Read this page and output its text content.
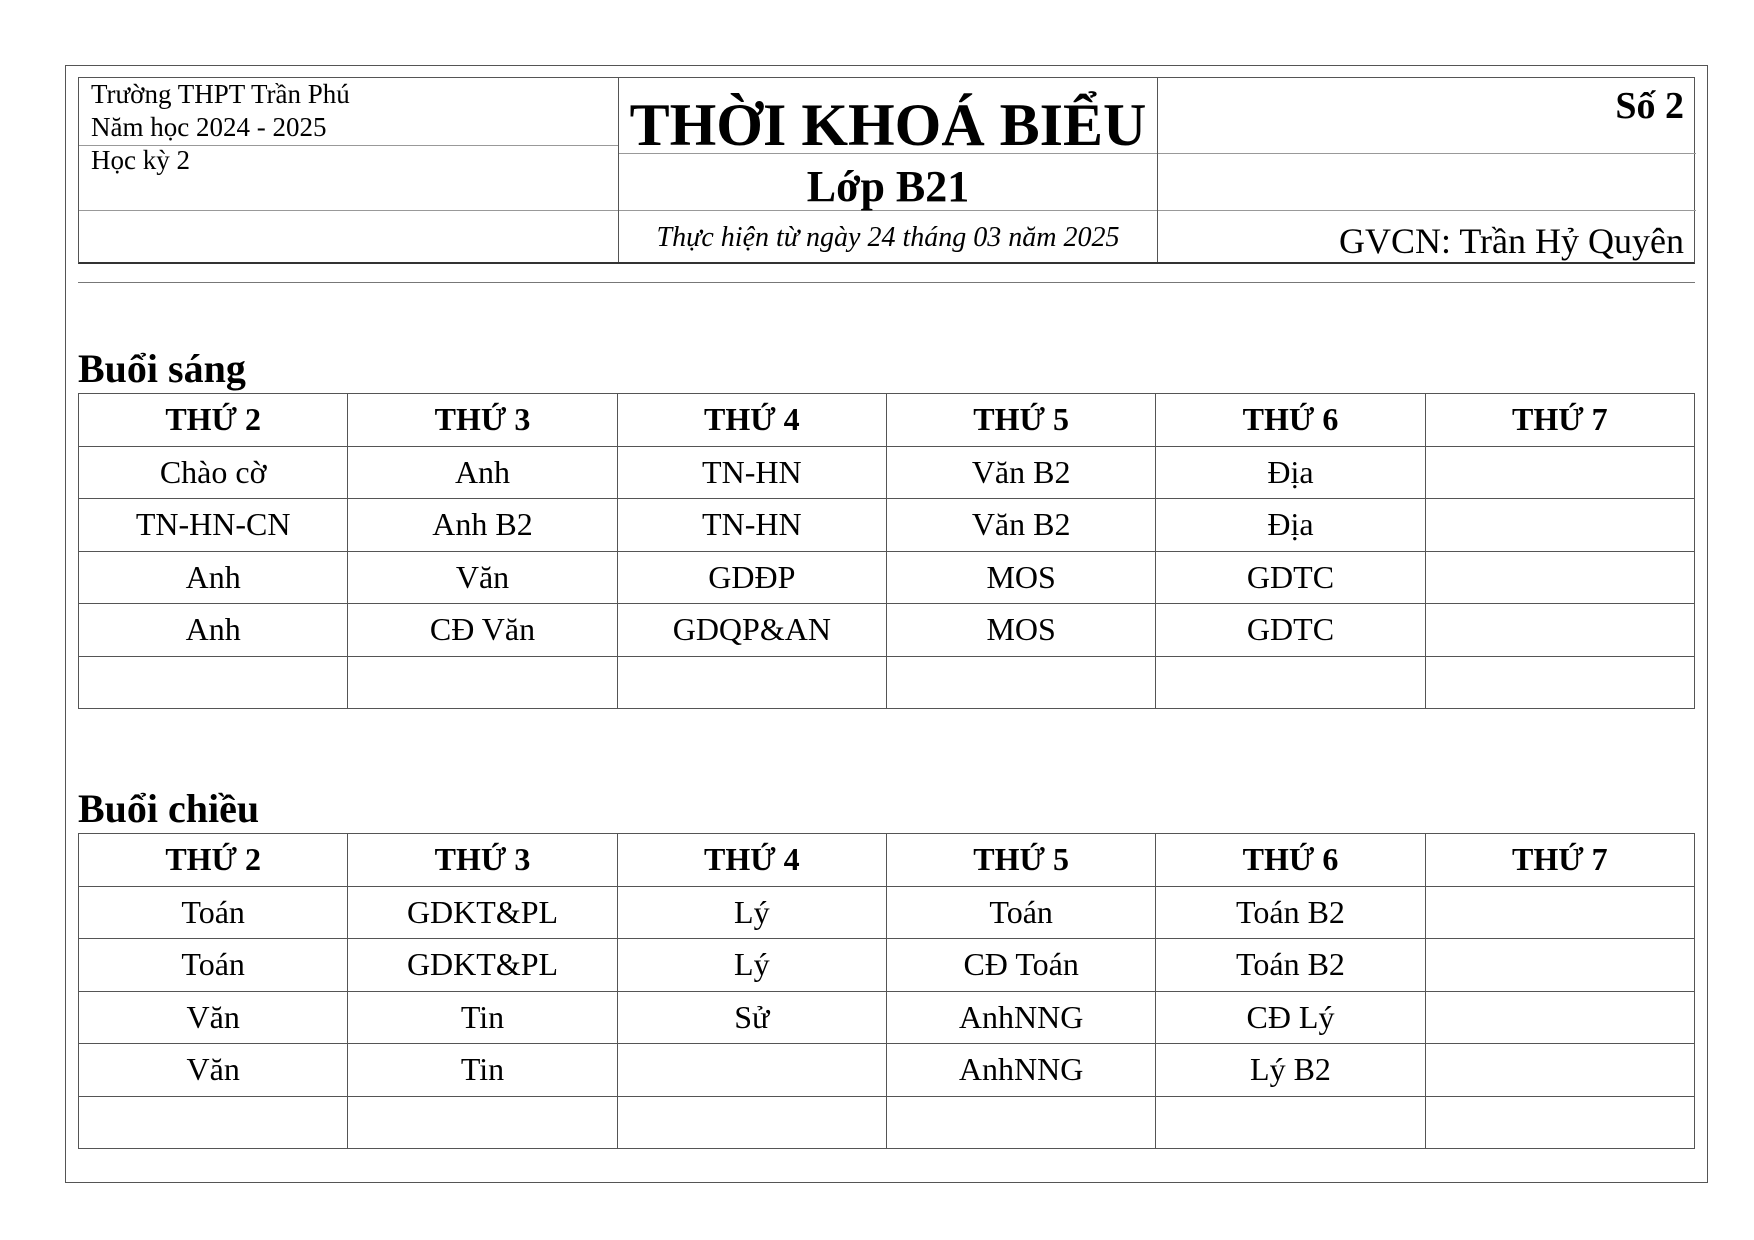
Trường THPT Trần Phú
Năm học 2024 - 2025
Học kỳ 2
THỜI KHOÁ BIỂU
Lớp B21
Thực hiện từ ngày 24 tháng 03 năm 2025
Số 2
GVCN: Trần Hỷ Quyên
Buổi sáng
THỨ 2	THỨ 3	THỨ 4	THỨ 5	THỨ 6	THỨ 7
Chào cờ	Anh	TN-HN	Văn B2	Địa	
TN-HN-CN	Anh B2	TN-HN	Văn B2	Địa	
Anh	Văn	GDĐP	MOS	GDTC	
Anh	CĐ Văn	GDQP&AN	MOS	GDTC	

Buổi chiều
THỨ 2	THỨ 3	THỨ 4	THỨ 5	THỨ 6	THỨ 7
Toán	GDKT&PL	Lý	Toán	Toán B2	
Toán	GDKT&PL	Lý	CĐ Toán	Toán B2	
Văn	Tin	Sử	AnhNNG	CĐ Lý	
Văn	Tin		AnhNNG	Lý B2	
